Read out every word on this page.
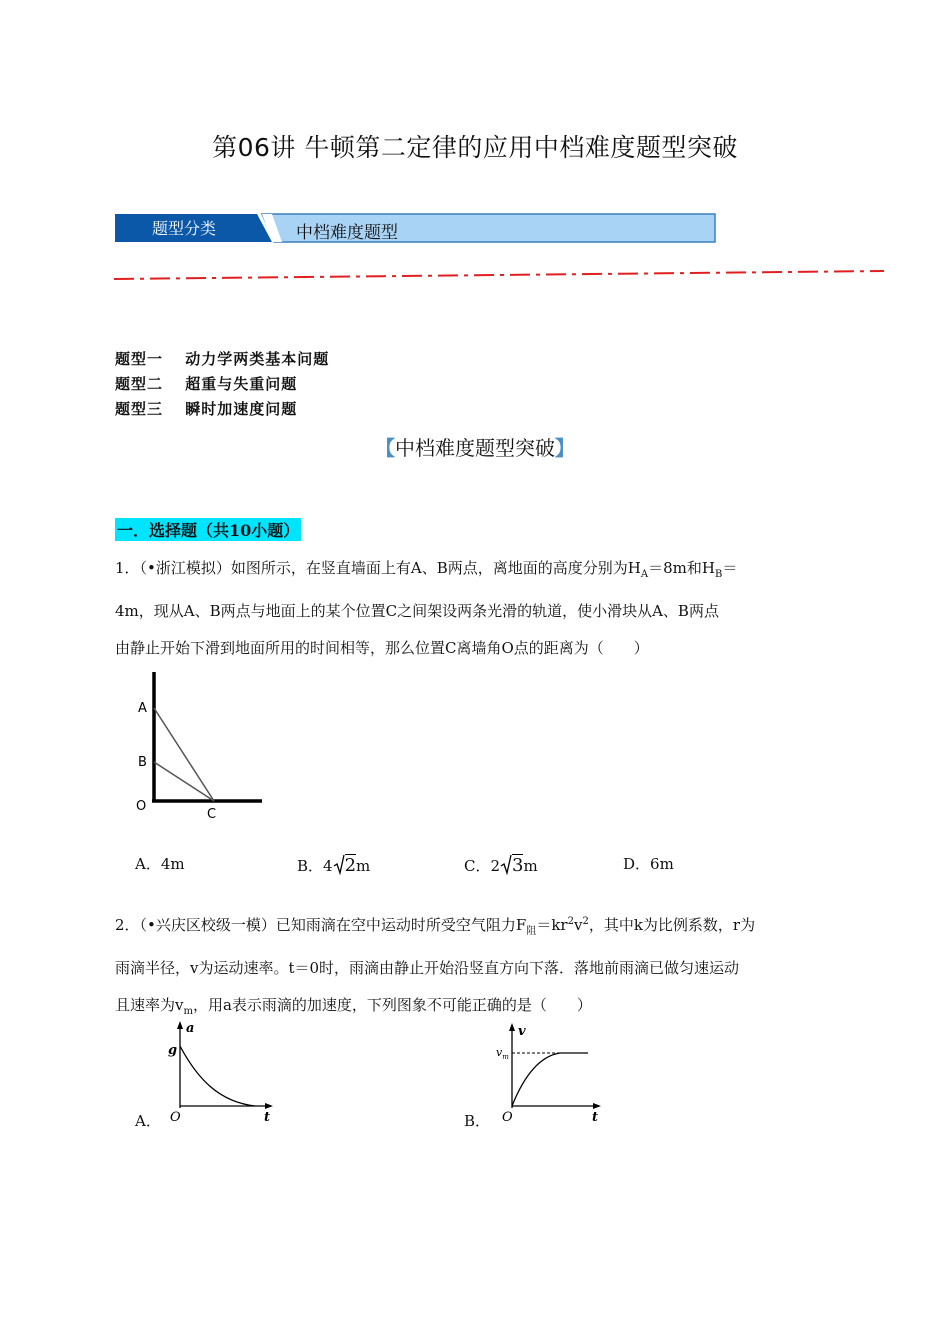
第06讲 牛顿第二定律的应用中档难度题型突破
题型分类	中档难度题型
题型一　 动力学两类基本问题
题型二　 超重与失重问题
题型三　 瞬时加速度问题
【中档难度题型突破】
一．选择题（共10小题）
1．（•浙江模拟）如图所示，在竖直墙面上有A、B两点，离地面的高度分别为$H_A=8m$和$H_B=$
4m，现从A、B两点与地面上的某个位置C之间架设两条光滑的轨道，使小滑块从A、B两点
由静止开始下滑到地面所用的时间相等，那么位置C离墙角O点的距离为（　　）
A
B
O
C
A．4m	B．4 2m	C．2 3m	D．6m
2．（•兴庆区校级一模）已知雨滴在空中运动时所受空气阻力$F_阻=kr^2v^2$，其中k为比例系数，r为
雨滴半径，v为运动速率。t＝0时，雨滴由静止开始沿竖直方向下落．落地前雨滴已做匀速运动
且速率为$v_m$，用a表示雨滴的加速度，下列图象不可能正确的是（　　）
A．
a
g
O	t	B．
v
$v_m$
O	t
